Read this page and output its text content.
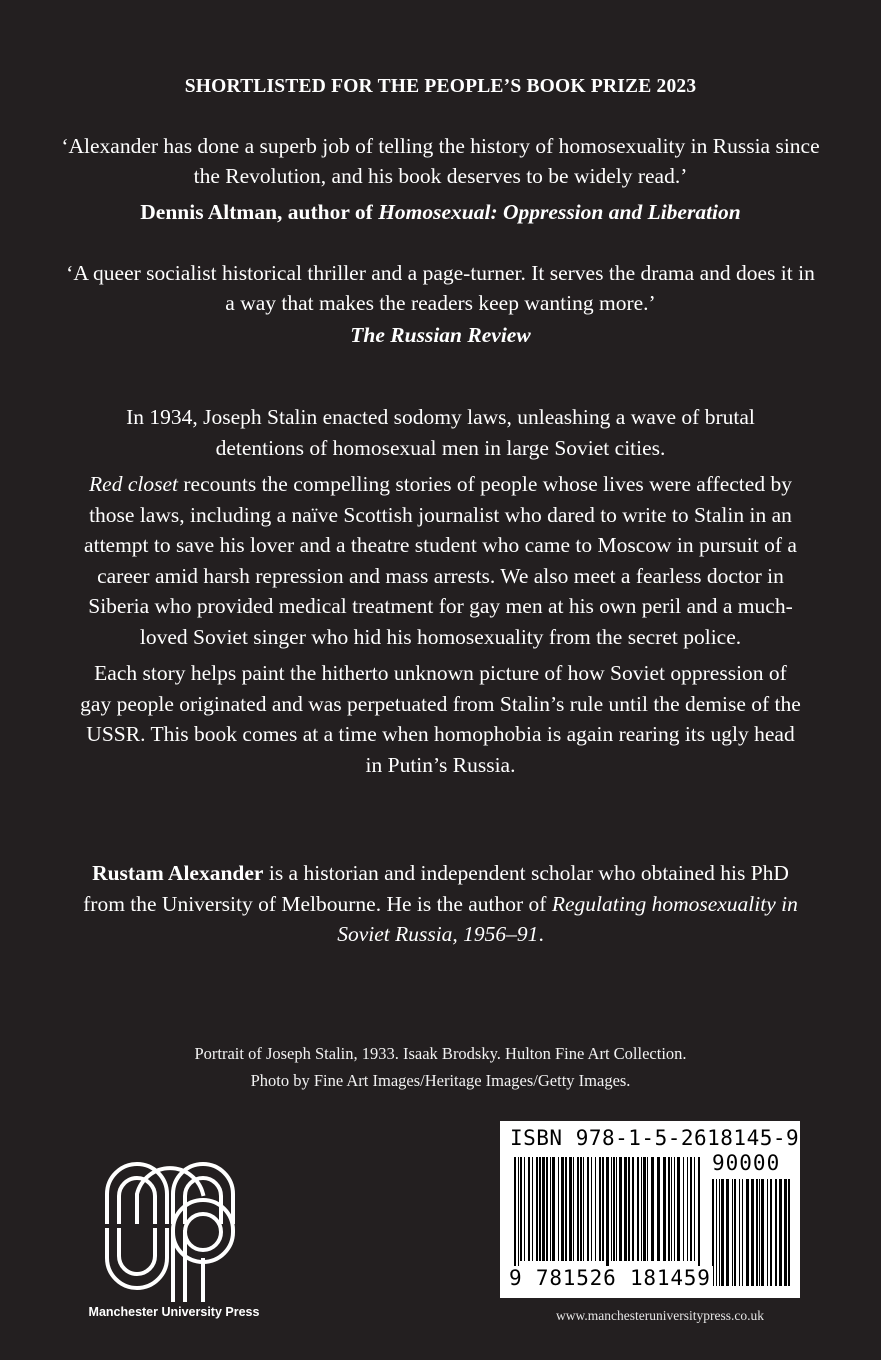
SHORTLISTED FOR THE PEOPLE’S BOOK PRIZE 2023
‘Alexander has done a superb job of telling the history of homosexuality in Russia since the Revolution, and his book deserves to be widely read.’
Dennis Altman, author of Homosexual: Oppression and Liberation
‘A queer socialist historical thriller and a page-turner. It serves the drama and does it in a way that makes the readers keep wanting more.’
The Russian Review

In 1934, Joseph Stalin enacted sodomy laws, unleashing a wave of brutal detentions of homosexual men in large Soviet cities.

Red closet recounts the compelling stories of people whose lives were affected by those laws, including a naïve Scottish journalist who dared to write to Stalin in an attempt to save his lover and a theatre student who came to Moscow in pursuit of a career amid harsh repression and mass arrests. We also meet a fearless doctor in Siberia who provided medical treatment for gay men at his own peril and a much-loved Soviet singer who hid his homosexuality from the secret police.

Each story helps paint the hitherto unknown picture of how Soviet oppression of gay people originated and was perpetuated from Stalin’s rule until the demise of the USSR. This book comes at a time when homophobia is again rearing its ugly head in Putin’s Russia.

Rustam Alexander is a historian and independent scholar who obtained his PhD from the University of Melbourne. He is the author of Regulating homosexuality in Soviet Russia, 1956–91.

Portrait of Joseph Stalin, 1933. Isaak Brodsky. Hulton Fine Art Collection.
Photo by Fine Art Images/Heritage Images/Getty Images.
Manchester University Press
ISBN 978-1-5-2618145-9
90000
9 781526 181459
www.manchesteruniversitypress.co.uk
